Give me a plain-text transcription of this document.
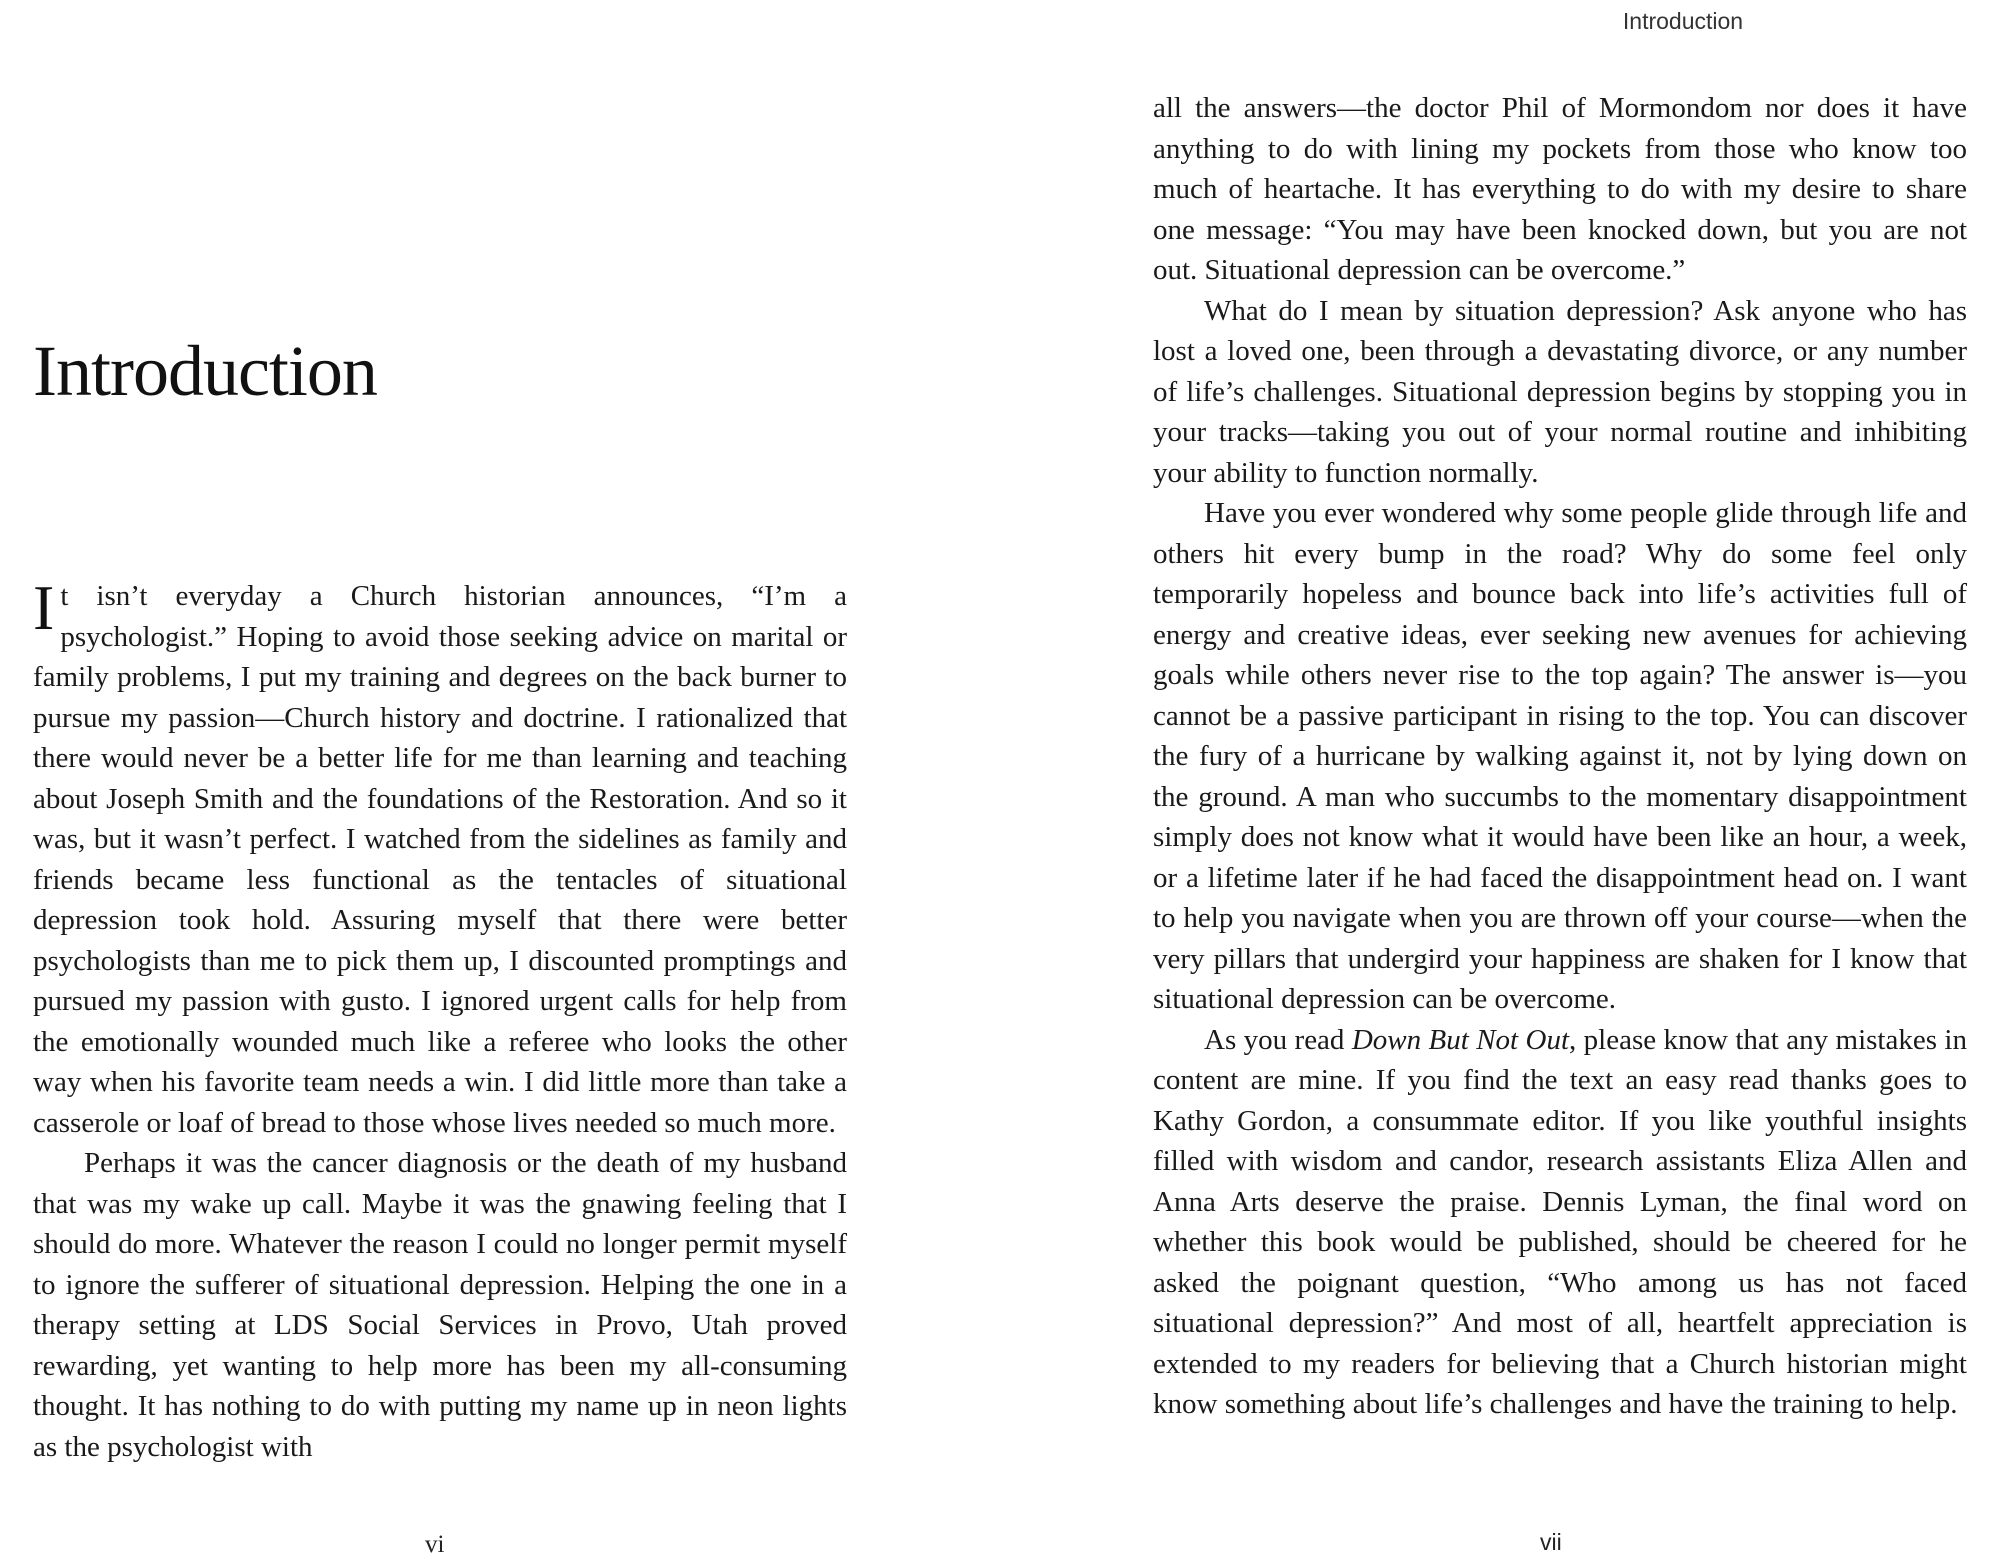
Introduction

It isn’t everyday a Church historian announces, “I’m a psychologist.” Hoping to avoid those seeking advice on marital or family problems, I put my training and degrees on the back burner to pursue my passion—Church history and doctrine. I rationalized that there would never be a better life for me than learning and teaching about Joseph Smith and the foundations of the Restoration. And so it was, but it wasn’t perfect. I watched from the sidelines as family and friends became less functional as the tentacles of situational depression took hold. Assuring myself that there were better psychologists than me to pick them up, I discounted promptings and pursued my passion with gusto. I ignored urgent calls for help from the emotionally wounded much like a referee who looks the other way when his favorite team needs a win. I did little more than take a casserole or loaf of bread to those whose lives needed so much more.

Perhaps it was the cancer diagnosis or the death of my husband that was my wake up call. Maybe it was the gnawing feeling that I should do more. Whatever the reason I could no longer permit myself to ignore the sufferer of situational depression. Helping the one in a therapy setting at LDS Social Services in Provo, Utah proved rewarding, yet wanting to help more has been my all-consuming thought. It has nothing to do with putting my name up in neon lights as the psychologist with

vi
Introduction

all the answers—the doctor Phil of Mormondom nor does it have anything to do with lining my pockets from those who know too much of heartache. It has everything to do with my desire to share one message: “You may have been knocked down, but you are not out. Situational depression can be overcome.”

What do I mean by situation depression? Ask anyone who has lost a loved one, been through a devastating divorce, or any number of life’s challenges. Situational depression begins by stopping you in your tracks—taking you out of your normal routine and inhibiting your ability to function normally.

Have you ever wondered why some people glide through life and others hit every bump in the road? Why do some feel only temporarily hopeless and bounce back into life’s activities full of energy and creative ideas, ever seeking new avenues for achieving goals while others never rise to the top again? The answer is—you cannot be a passive participant in rising to the top. You can discover the fury of a hurricane by walking against it, not by lying down on the ground. A man who succumbs to the momentary disappointment simply does not know what it would have been like an hour, a week, or a lifetime later if he had faced the disappointment head on. I want to help you navigate when you are thrown off your course—when the very pillars that undergird your happiness are shaken for I know that situational depression can be overcome.

As you read Down But Not Out, please know that any mistakes in content are mine. If you find the text an easy read thanks goes to Kathy Gordon, a consummate editor. If you like youthful insights filled with wisdom and candor, research assistants Eliza Allen and Anna Arts deserve the praise. Dennis Lyman, the final word on whether this book would be published, should be cheered for he asked the poignant question, “Who among us has not faced situational depression?” And most of all, heartfelt appreciation is extended to my readers for believing that a Church historian might know something about life’s challenges and have the training to help.

vii
